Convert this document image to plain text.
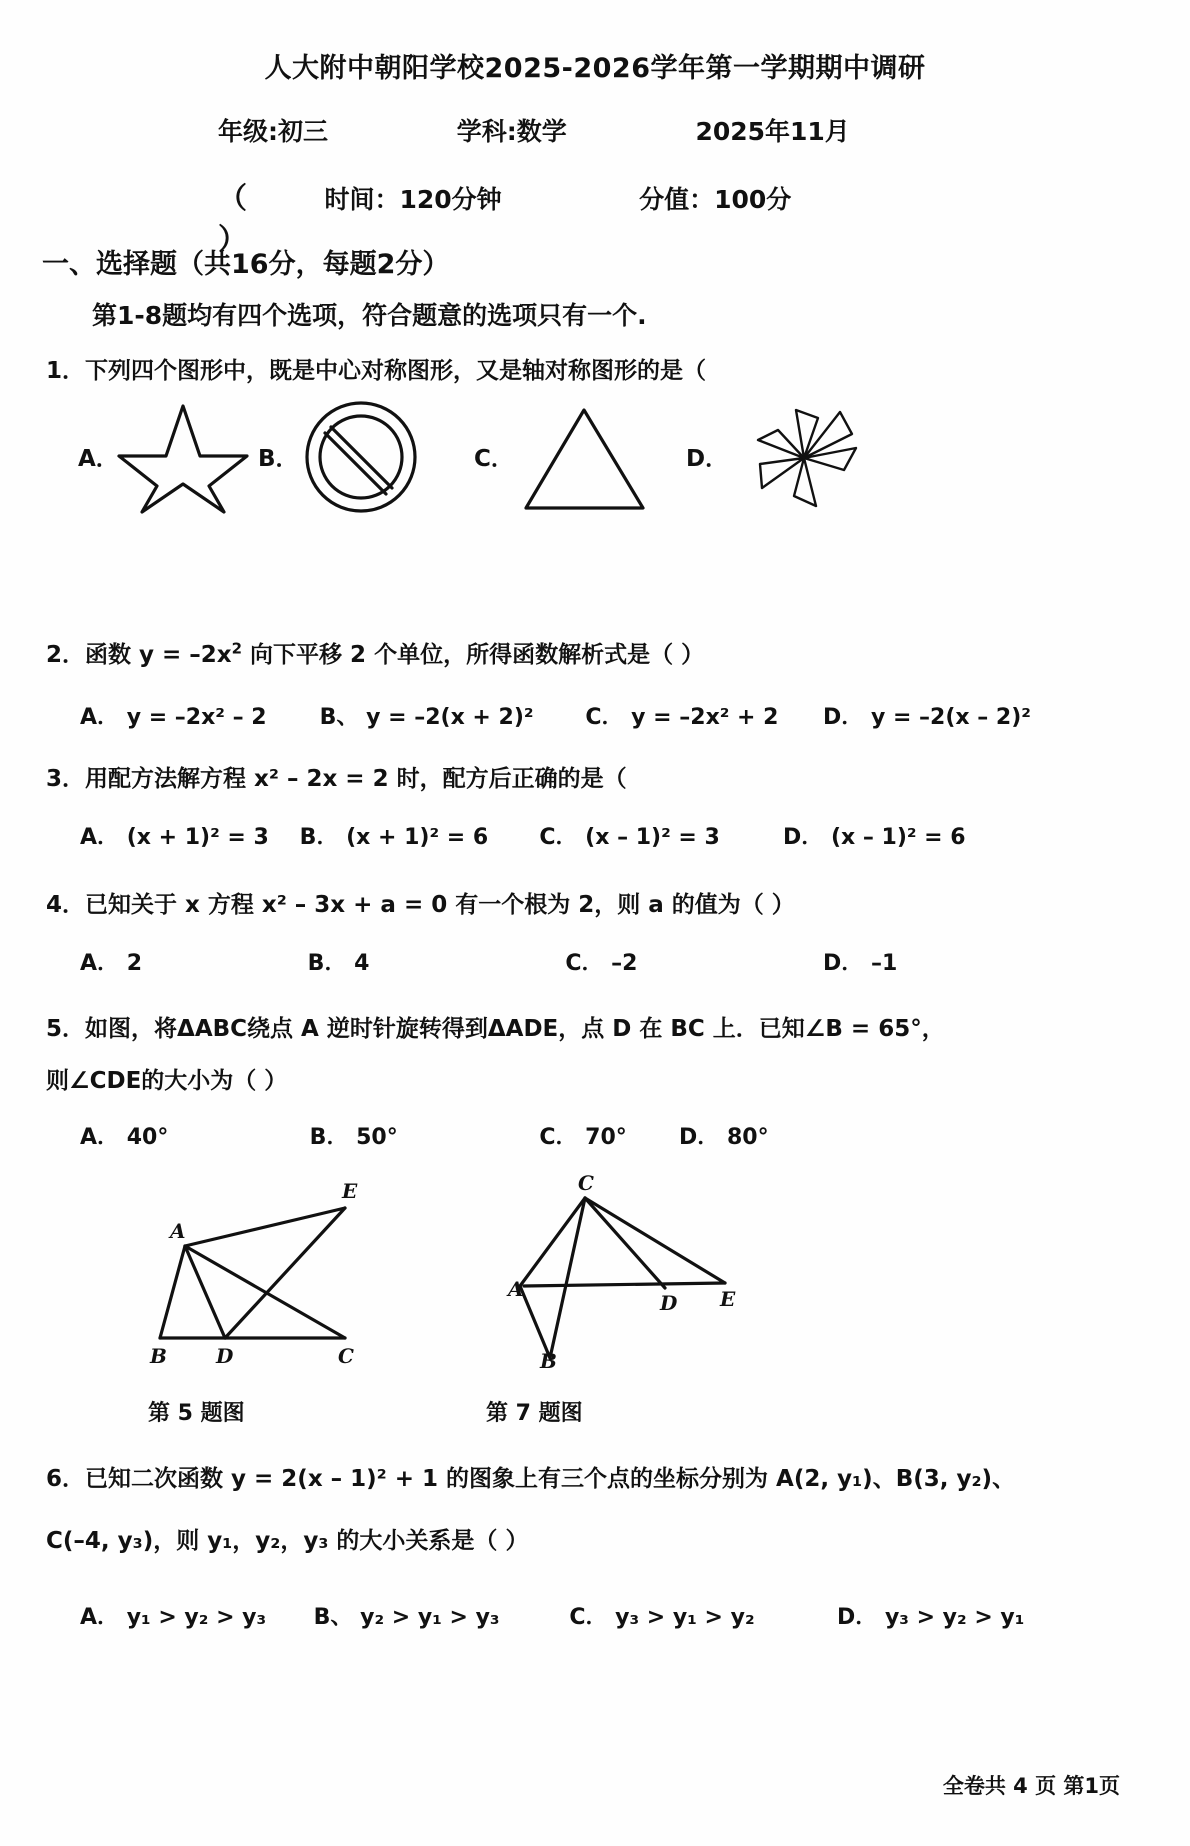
人大附中朝阳学校2025-2026学年第一学期期中调研
年级:初三	学科:数学	2025年11月
（	时间：120分钟	分值：100分  ）
一、选择题（共16分，每题2分）
第1-8题均有四个选项，符合题意的选项只有一个.
1．下列四个图形中，既是中心对称图形，又是轴对称图形的是（
A．	B．	C．	D．
2．函数 $y = -2x^2$ 向下平移 2 个单位，所得函数解析式是（ ）
A． y = –2x² – 2 B、 y = –2(x + 2)² C． y = –2x² + 2 D． y = –2(x – 2)²
3．用配方法解方程 x² – 2x = 2 时，配方后正确的是（
A． (x + 1)² = 3 B． (x + 1)² = 6 C． (x – 1)² = 3	D． (x – 1)² = 6
4．已知关于 x 方程 x² – 3x + a = 0 有一个根为 2，则 a 的值为（ ）
A． 2	B． 4	C． –2	D． –1
5．如图，将ΔABC绕点 A 逆时针旋转得到ΔADE，点 D 在 BC 上．已知∠B = 65°，
则∠CDE的大小为（ ）
A． 40°	B． 50°	C． 70° D． 80°
B D	C
A
E	C
A
B
D E
第 5 题图	第 7 题图
6．已知二次函数 y = 2(x – 1)² + 1 的图象上有三个点的坐标分别为 A(2, y₁)、B(3, y₂)、
C(–4, y₃)，则 y₁，y₂，y₃ 的大小关系是（ ）
A． y₁ > y₂ > y₃ B、 y₂ > y₁ > y₃	C． y₃ > y₁ > y₂	D． y₃ > y₂ > y₁
全卷共 4 页 第1页
